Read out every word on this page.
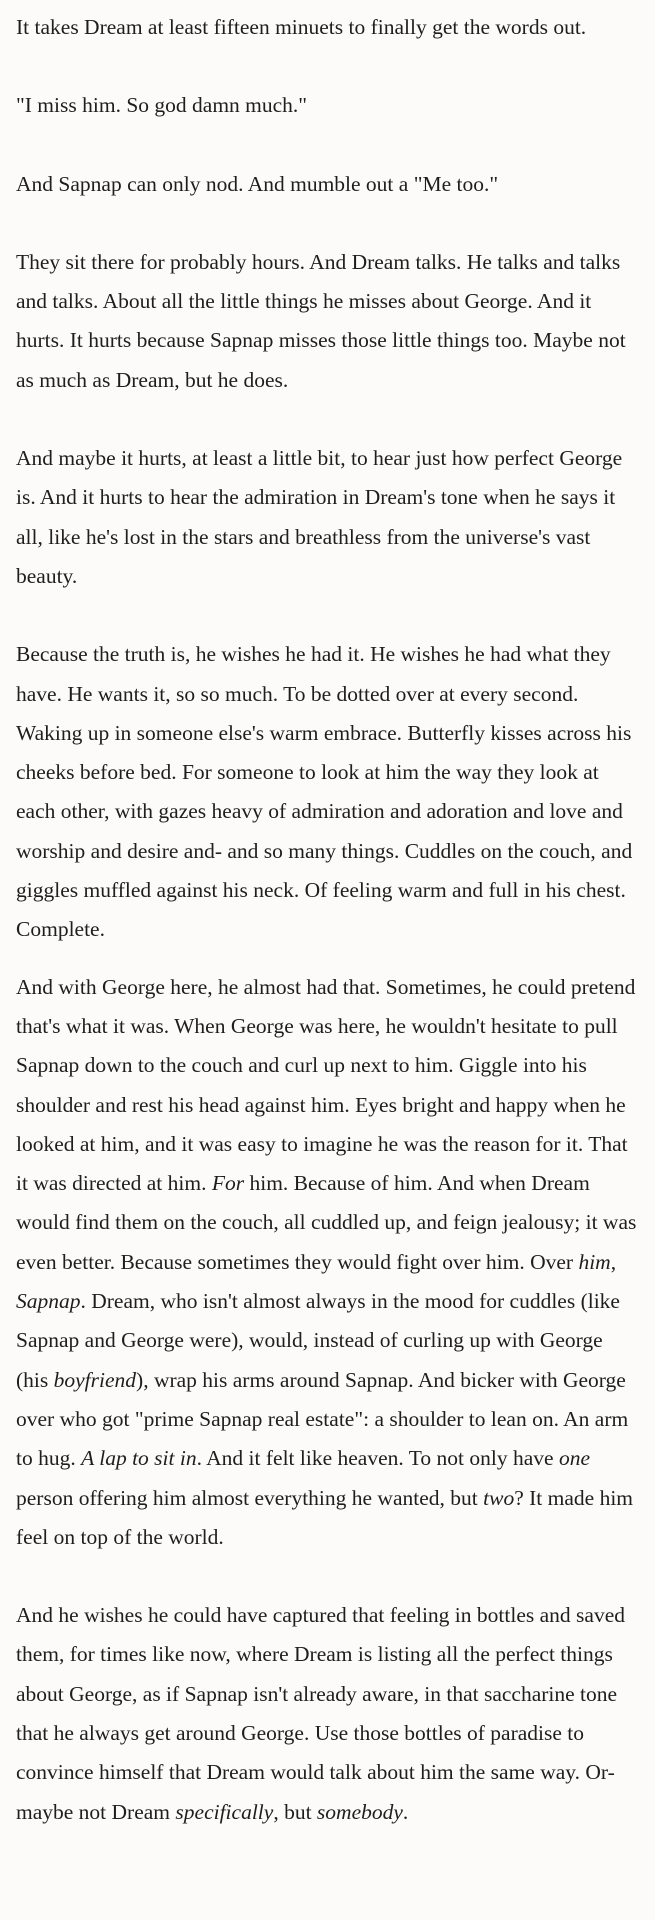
It takes Dream at least fifteen minuets to finally get the words out.

"I miss him. So god damn much."

And Sapnap can only nod. And mumble out a "Me too."

They sit there for probably hours. And Dream talks. He talks and talks and talks. About all the little things he misses about George. And it hurts. It hurts because Sapnap misses those little things too. Maybe not as much as Dream, but he does.

And maybe it hurts, at least a little bit, to hear just how perfect George is. And it hurts to hear the admiration in Dream's tone when he says it all, like he's lost in the stars and breathless from the universe's vast beauty.

Because the truth is, he wishes he had it. He wishes he had what they have. He wants it, so so much. To be dotted over at every second. Waking up in someone else's warm embrace. Butterfly kisses across his cheeks before bed. For someone to look at him the way they look at each other, with gazes heavy of admiration and adoration and love and worship and desire and- and so many things. Cuddles on the couch, and giggles muffled against his neck. Of feeling warm and full in his chest. Complete.

And with George here, he almost had that. Sometimes, he could pretend that's what it was. When George was here, he wouldn't hesitate to pull Sapnap down to the couch and curl up next to him. Giggle into his shoulder and rest his head against him. Eyes bright and happy when he looked at him, and it was easy to imagine he was the reason for it. That it was directed at him. For him. Because of him. And when Dream would find them on the couch, all cuddled up, and feign jealousy; it was even better. Because sometimes they would fight over him. Over him, Sapnap. Dream, who isn't almost always in the mood for cuddles (like Sapnap and George were), would, instead of curling up with George (his boyfriend), wrap his arms around Sapnap. And bicker with George over who got "prime Sapnap real estate": a shoulder to lean on. An arm to hug. A lap to sit in. And it felt like heaven. To not only have one person offering him almost everything he wanted, but two? It made him feel on top of the world.

And he wishes he could have captured that feeling in bottles and saved them, for times like now, where Dream is listing all the perfect things about George, as if Sapnap isn't already aware, in that saccharine tone that he always get around George. Use those bottles of paradise to convince himself that Dream would talk about him the same way. Or- maybe not Dream specifically, but somebody.
